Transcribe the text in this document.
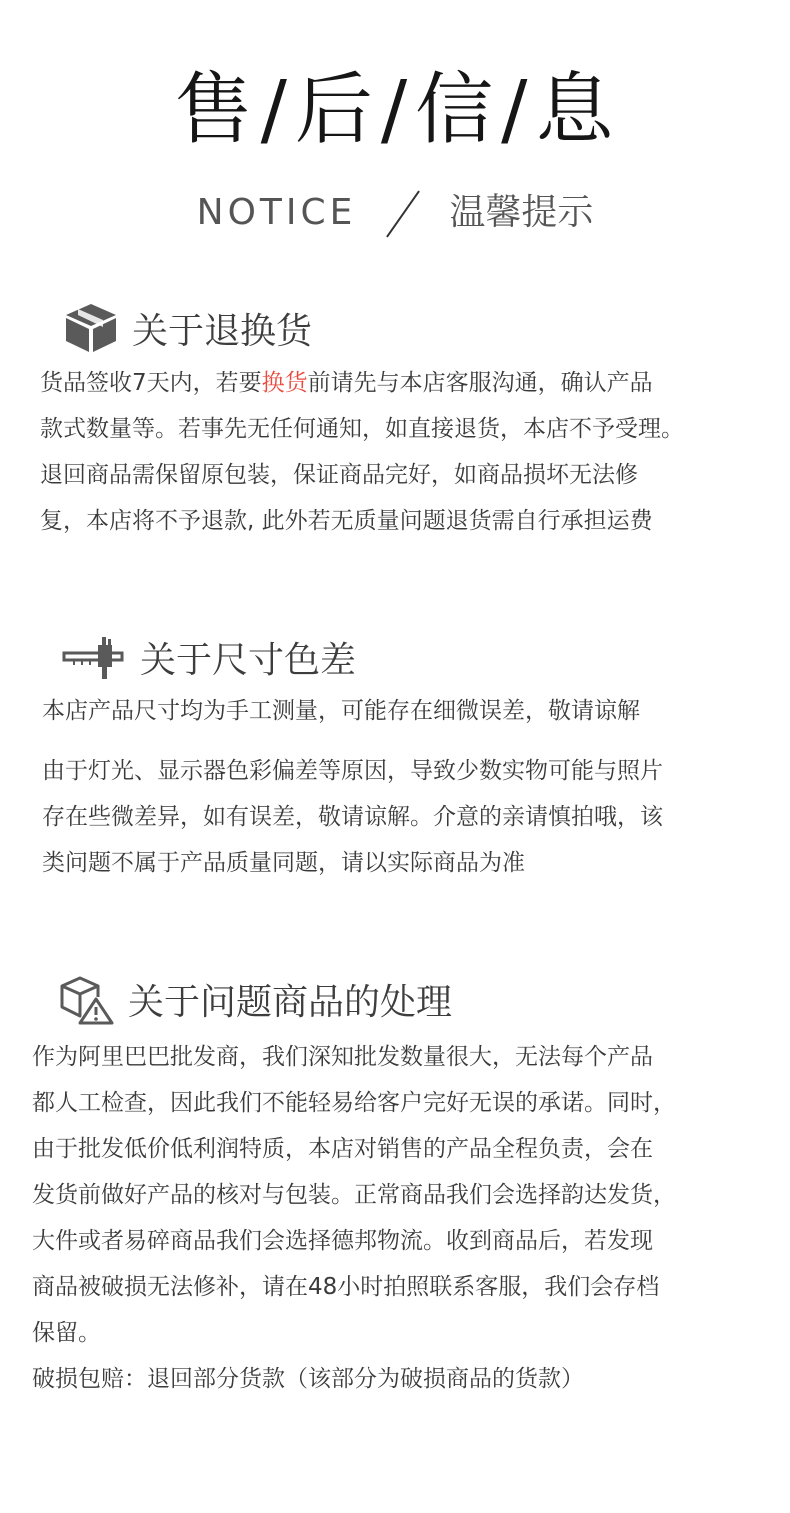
售/后/信/息
NOTICE	温馨提示
关于退换货
货品签收7天内，若要换货前请先与本店客服沟通，确认产品
款式数量等。若事先无任何通知，如直接退货，本店不予受理。
退回商品需保留原包装，保证商品完好，如商品损坏无法修
复，本店将不予退款, 此外若无质量问题退货需自行承担运费
关于尺寸色差
本店产品尺寸均为手工测量，可能存在细微误差，敬请谅解
由于灯光、显示器色彩偏差等原因，导致少数实物可能与照片
存在些微差异，如有误差，敬请谅解。介意的亲请慎拍哦，该
类问题不属于产品质量同题，请以实际商品为准
关于问题商品的处理
作为阿里巴巴批发商，我们深知批发数量很大，无法每个产品
都人工检查，因此我们不能轻易给客户完好无误的承诺。同时，
由于批发低价低利润特质，本店对销售的产品全程负责，会在
发货前做好产品的核对与包装。正常商品我们会选择韵达发货，
大件或者易碎商品我们会选择德邦物流。收到商品后，若发现
商品被破损无法修补，请在48小时拍照联系客服，我们会存档
保留。
破损包赔：退回部分货款（该部分为破损商品的货款）
